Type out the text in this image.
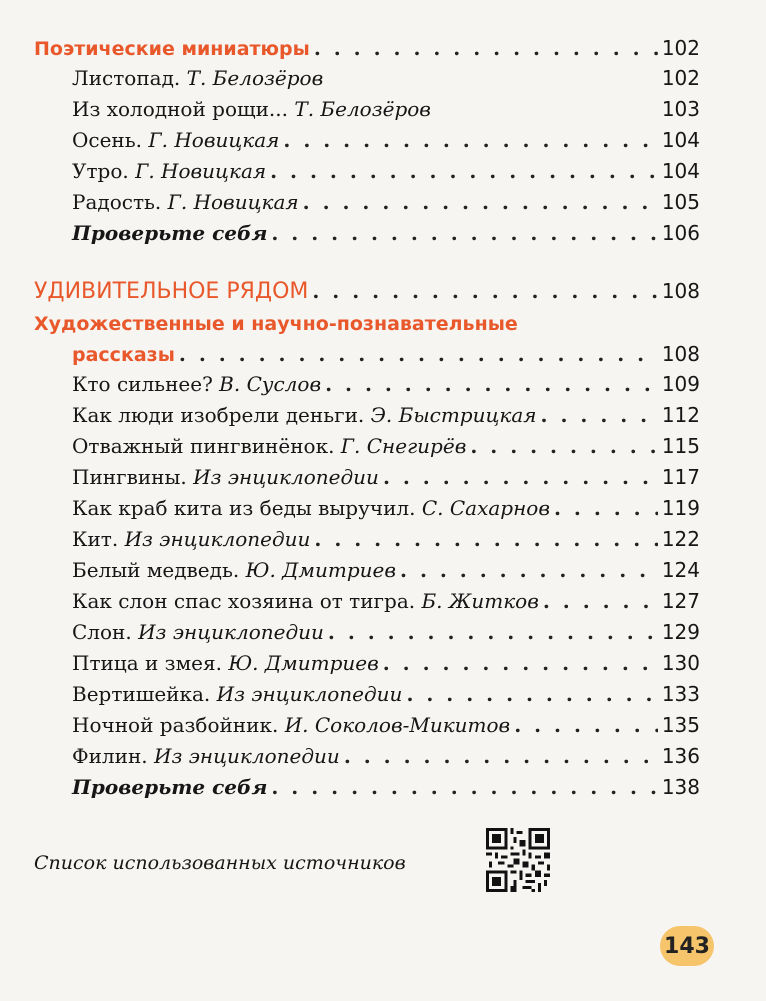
Поэтические миниатюры . . .	102
Листопад. Т. Белозёров	102
Из холодной рощи... Т. Белозёров	103
Осень. Г. Новицкая . . .	104
Утро. Г. Новицкая . . .	104
Радость. Г. Новицкая . . .	105
Проверьте себя . . .	106
УДИВИТЕЛЬНОЕ РЯДОМ . . .	108
Художественные и научно-познавательные
рассказы . . .	108
Кто сильнее? В. Суслов . . .	109
Как люди изобрели деньги. Э. Быстрицкая . . .	112
Отважный пингвинёнок. Г. Снегирёв . . .	115
Пингвины. Из энциклопедии . . .	117
Как краб кита из беды выручил. С. Сахарнов . . .	119
Кит. Из энциклопедии . . .	122
Белый медведь. Ю. Дмитриев . . .	124
Как слон спас хозяина от тигра. Б. Житков . . .	127
Слон. Из энциклопедии . . .	129
Птица и змея. Ю. Дмитриев . . .	130
Вертишейка. Из энциклопедии . . .	133
Ночной разбойник. И. Соколов-Микитов . . .	135
Филин. Из энциклопедии . . .	136
Проверьте себя . . .	138
Список использованных источников
143
